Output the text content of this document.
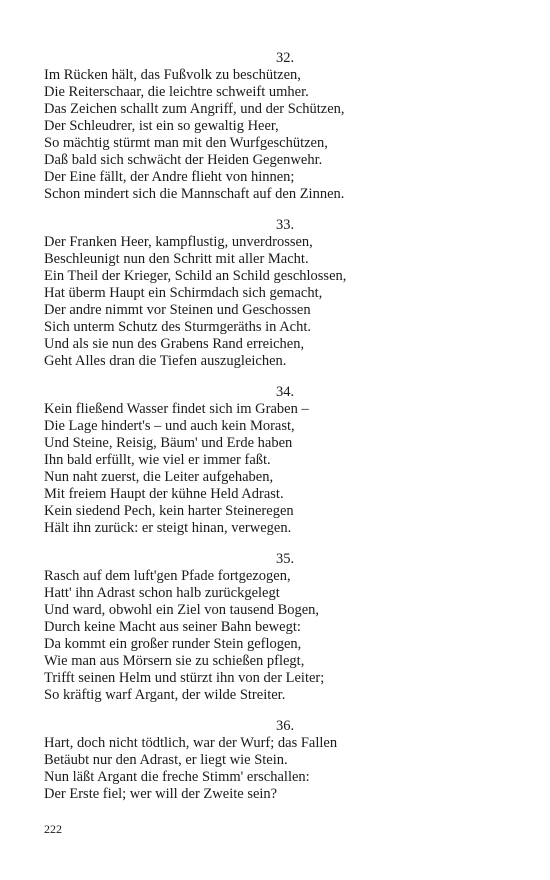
32.
Im Rücken hält, das Fußvolk zu beschützen,
Die Reiterschaar, die leichtre schweift umher.
Das Zeichen schallt zum Angriff, und der Schützen,
Der Schleudrer, ist ein so gewaltig Heer,
So mächtig stürmt man mit den Wurfgeschützen,
Daß bald sich schwächt der Heiden Gegenwehr.
Der Eine fällt, der Andre flieht von hinnen;
Schon mindert sich die Mannschaft auf den Zinnen.
33.
Der Franken Heer, kampflustig, unverdrossen,
Beschleunigt nun den Schritt mit aller Macht.
Ein Theil der Krieger, Schild an Schild geschlossen,
Hat überm Haupt ein Schirmdach sich gemacht,
Der andre nimmt vor Steinen und Geschossen
Sich unterm Schutz des Sturmgeräths in Acht.
Und als sie nun des Grabens Rand erreichen,
Geht Alles dran die Tiefen auszugleichen.
34.
Kein fließend Wasser findet sich im Graben –
Die Lage hindert's – und auch kein Morast,
Und Steine, Reisig, Bäum' und Erde haben
Ihn bald erfüllt, wie viel er immer faßt.
Nun naht zuerst, die Leiter aufgehaben,
Mit freiem Haupt der kühne Held Adrast.
Kein siedend Pech, kein harter Steineregen
Hält ihn zurück: er steigt hinan, verwegen.
35.
Rasch auf dem luft'gen Pfade fortgezogen,
Hatt' ihn Adrast schon halb zurückgelegt
Und ward, obwohl ein Ziel von tausend Bogen,
Durch keine Macht aus seiner Bahn bewegt:
Da kommt ein großer runder Stein geflogen,
Wie man aus Mörsern sie zu schießen pflegt,
Trifft seinen Helm und stürzt ihn von der Leiter;
So kräftig warf Argant, der wilde Streiter.
36.
Hart, doch nicht tödtlich, war der Wurf; das Fallen
Betäubt nur den Adrast, er liegt wie Stein.
Nun läßt Argant die freche Stimm' erschallen:
Der Erste fiel; wer will der Zweite sein?
222
